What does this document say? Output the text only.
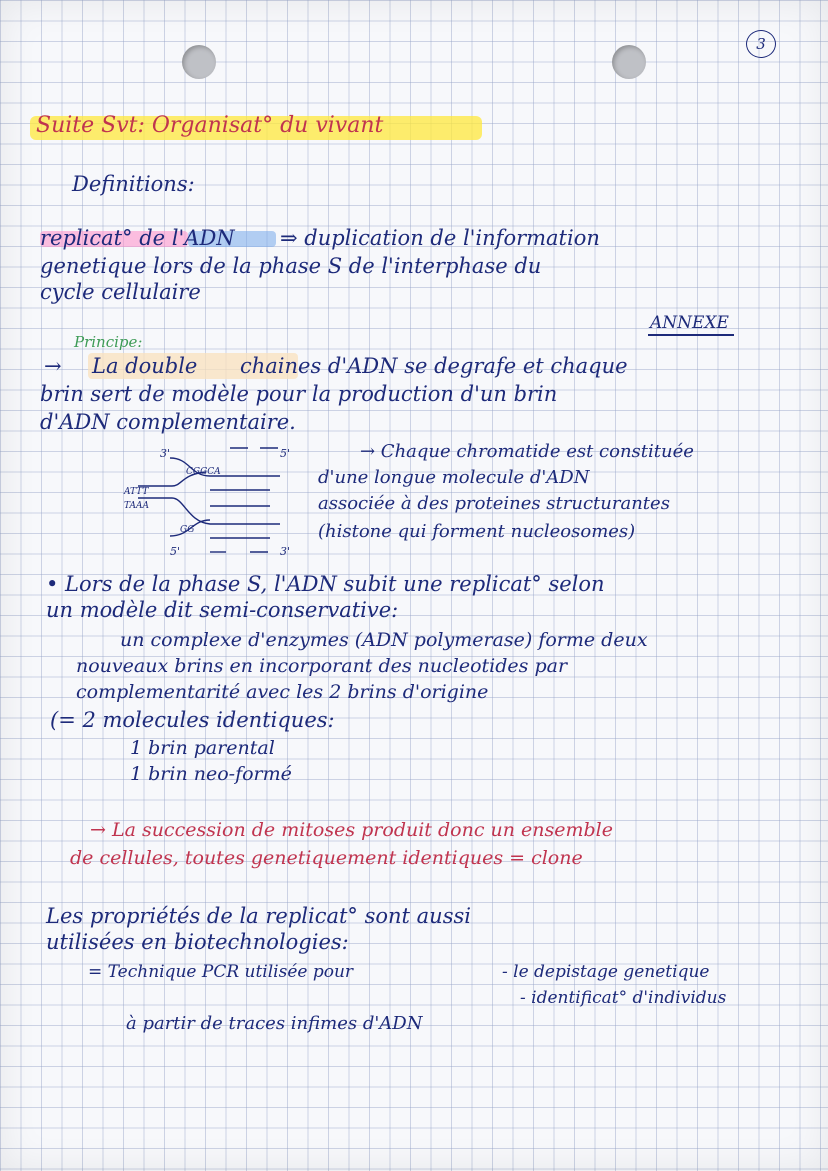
3
Suite Svt: Organisat° du vivant
Definitions:
replicat° de l'ADN ⇒ duplication de l'information
genetique lors de la phase S de l'interphase du
cycle cellulaire
ANNEXE
Principe:
→ La double chaines d'ADN se degrafe et chaque
brin sert de modèle pour la production d'un brin
d'ADN complementaire.
3'	5'
5'	3'
CGGCA
ATTT
TAAA
GG
→ Chaque chromatide est constituée
d'une longue molecule d'ADN
associée à des proteines structurantes
(histone qui forment nucleosomes)
• Lors de la phase S, l'ADN subit une replicat° selon
un modèle dit semi-conservative:
un complexe d'enzymes (ADN polymerase) forme deux
nouveaux brins en incorporant des nucleotides par
complementarité avec les 2 brins d'origine
(= 2 molecules identiques:
1 brin parental
1 brin neo-formé
→ La succession de mitoses produit donc un ensemble
de cellules, toutes genetiquement identiques = clone
Les propriétés de la replicat° sont aussi
utilisées en biotechnologies:
= Technique PCR utilisée pour	- le depistage genetique
- identificat° d'individus
à partir de traces infimes d'ADN
